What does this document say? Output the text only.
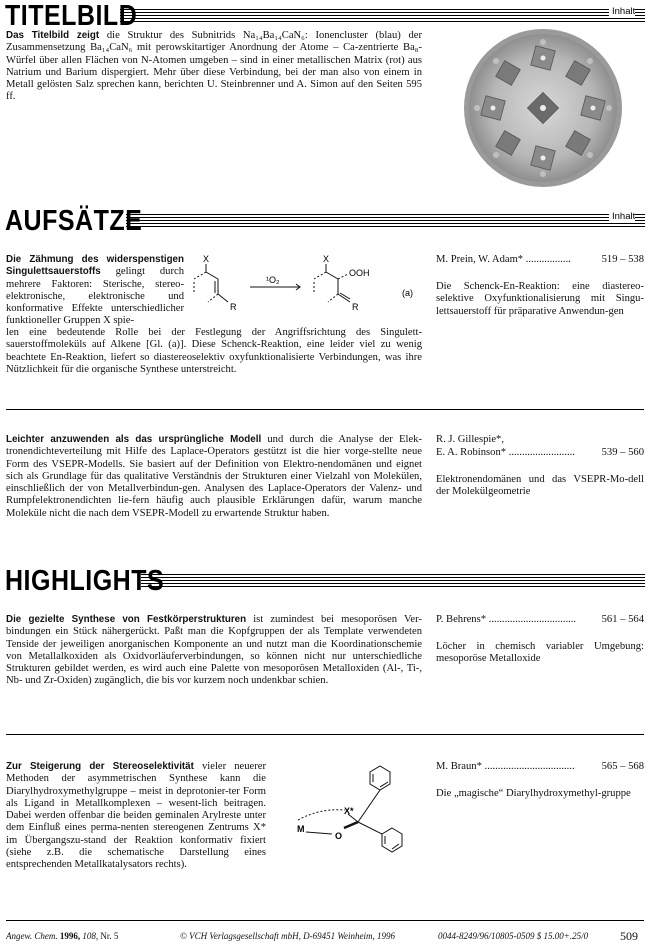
TITELBILD	Inhalt
Das Titelbild zeigt die Struktur des Subnitrids Na₁₄Ba₁₄CaN₆: Ionencluster (blau) der Zusammensetzung Ba₁₄CaN₆ mit perowskitartiger Anordnung der Atome – Ca-zentrierte Ba₈-Würfel über allen Flächen von N-Atomen umgeben – sind in einer metallischen Matrix (rot) aus Natrium und Barium dispergiert. Mehr über diese Verbindung, bei der man also von einem in Metall gelösten Salz sprechen kann, berichten U. Steinbrenner und A. Simon auf den Seiten 595 ff.
AUFSÄTZE	Inhalt
Die Zähmung des widerspenstigen Singulettsauerstoffs gelingt durch mehrere Faktoren: Sterische, stereo-elektronische, elektronische und konformative Effekte unterschiedlicher funktioneller Gruppen X spie-
X
R
¹O₂
X
OOH
R
(a)
len eine bedeutende Rolle bei der Festlegung der Angriffsrichtung des Singulett-sauerstoffmoleküls auf Alkene [Gl. (a)]. Diese Schenck-Reaktion, eine leider viel zu wenig beachtete En-Reaktion, liefert so diastereoselektiv oxyfunktionalisierte Verbindungen, was ihre Nützlichkeit für die organische Synthese unterstreicht.
M. Prein, W. Adam* .................	519 – 538
Die Schenck-En-Reaktion: eine diastereo-selektive Oxyfunktionalisierung mit Singu-lettsauerstoff für präparative Anwendun-gen
Leichter anzuwenden als das ursprüngliche Modell und durch die Analyse der Elek-tronendichteverteilung mit Hilfe des Laplace-Operators gestützt ist die hier vorge-stellte neue Form des VSEPR-Modells. Sie basiert auf der Definition von Elektro-nendomänen und eignet sich als Grundlage für das qualitative Verständnis der Strukturen einer Vielzahl von Molekülen, einschließlich der von Metallverbindun-gen. Analysen des Laplace-Operators der Valenz- und Rumpfelektronendichten lie-fern häufig auch plausible Erklärungen dafür, warum manche Moleküle nicht die nach dem VSEPR-Modell zu erwartende Struktur haben.
R. J. Gillespie*,
E. A. Robinson* .........................	539 – 560
Elektronendomänen und das VSEPR-Mo-dell der Molekülgeometrie
HIGHLIGHTS
Die gezielte Synthese von Festkörperstrukturen ist zumindest bei mesoporösen Ver-bindungen ein Stück nähergerückt. Paßt man die Kopfgruppen der als Template verwendeten Tenside der jeweiligen anorganischen Komponente an und nutzt man die Koordinationschemie von Metallalkoxiden als Oxidvorläuferverbindungen, so können nicht nur unterschiedliche Strukturen gebildet werden, es wird auch eine Palette von mesoporösen Metalloxiden (Al-, Ti-, Nb- und Zr-Oxiden) zugänglich, die bis vor kurzem noch undenkbar schien.
P. Behrens* ................................. 561 – 564
Löcher in chemisch variabler Umgebung: mesoporöse Metalloxide
Zur Steigerung der Stereoselektivität vieler neuerer Methoden der asymmetrischen Synthese kann die Diarylhydroxymethylgruppe – meist in deprotonier-ter Form als Ligand in Metallkomplexen – wesent-lich beitragen. Dabei werden offenbar die beiden geminalen Arylreste unter dem Einfluß eines perma-nenten stereogenen Zentrums X* im Übergangszu-stand der Reaktion konformativ fixiert (siehe z.B. die schematische Darstellung eines entsprechenden Metallkatalysators rechts).
X*
M
O
M. Braun* ..................................	565 – 568
Die „magische“ Diarylhydroxymethyl-gruppe
Angew. Chem. 1996, 108, Nr. 5	© VCH Verlagsgesellschaft mbH, D-69451 Weinheim, 1996	0044-8249/96/10805-0509 $ 15.00+.25/0	509
